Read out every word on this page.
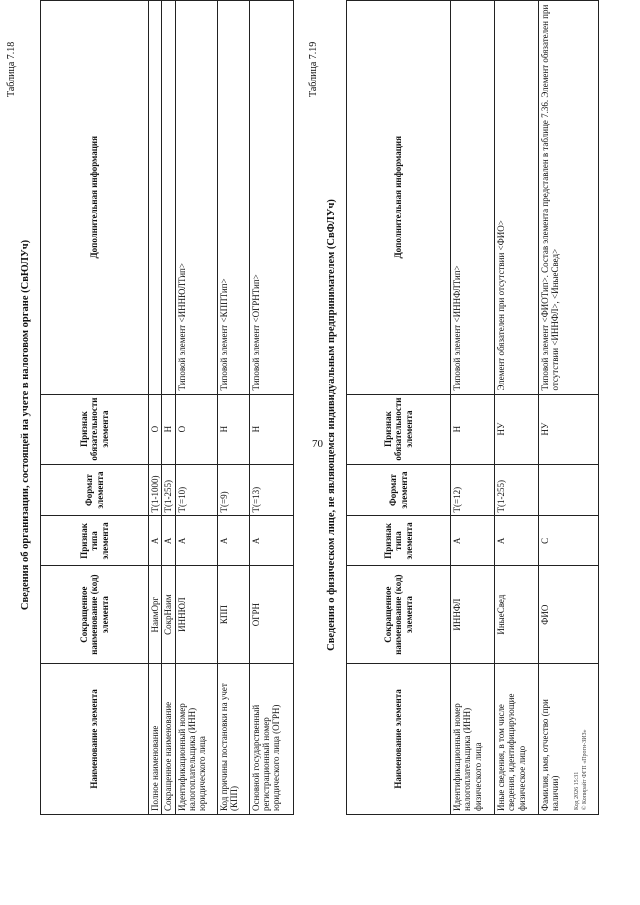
70
Код 2026 15:31 © Копирайт ФГП «Прогн-ЗИЗ»
Таблица 7.18
Сведения об организации, состоящей на учете в налоговом органе (СвЮЛУч)
Наименование элемента	Сокращенное наименование (код) элемента	Признак типа элемента	Формат элемента	Признак обязательности элемента	Дополнительная информация
Полное наименование	НаимОрг	А	T(1-1000)	О	
Сокращенное наименование	СокрНаим	А	T(1-255)	Н	
Идентификационный номер налогоплательщика (ИНН) юридического лица	ИННЮЛ	А	T(=10)	О	Типовой элемент <ИННЮЛТип>
Код причины постановки на учет (КПП)	КПП	А	T(=9)	Н	Типовой элемент <КППТип>
Основной государственный регистрационный номер юридического лица (ОГРН)	ОГРН	А	T(=13)	Н	Типовой элемент <ОГРНТип>
Таблица 7.19
Сведения о физическом лице, не являющемся индивидуальным предпринимателем (СвФЛУч)
Наименование элемента	Сокращенное наименование (код) элемента	Признак типа элемента	Формат элемента	Признак обязательности элемента	Дополнительная информация
Идентификационный номер налогоплательщика (ИНН) физического лица	ИННФЛ	А	T(=12)	Н	Типовой элемент <ИННФЛТип>
Иные сведения, в том числе сведения, идентифицирующие физическое лицо	ИныеСвед	А	T(1-255)	НУ	Элемент обязателен при отсутствии <ФИО>
Фамилия, имя, отчество (при наличии)	ФИО	С		НУ	Типовой элемент <ФИОТип>. Состав элемента представлен в таблице 7.36. Элемент обязателен при отсутствии <ИННФЛ>, <ИныеСвед>
